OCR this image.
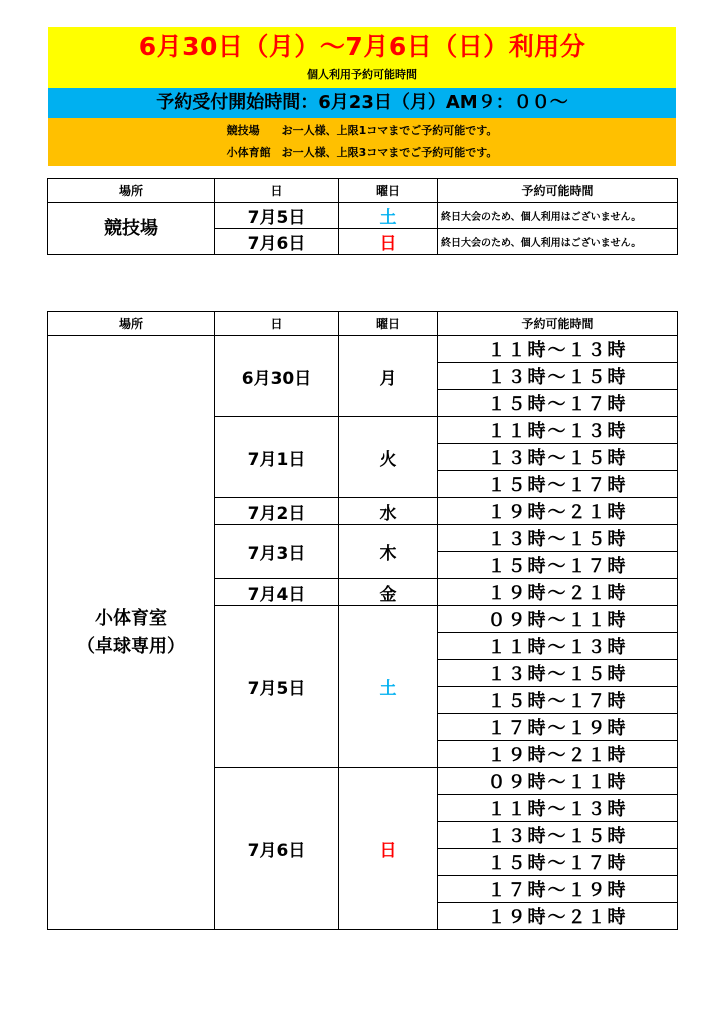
6月30日（月）～7月6日（日）利用分
個人利用予約可能時間
予約受付開始時間：6月23日（月）AM９：００～
競技場　　お一人様、上限1コマまでご予約可能です。
小体育館　お一人様、上限3コマまでご予約可能です。
場所	日	曜日	予約可能時間
競技場	7月5日	土	終日大会のため、個人利用はございません。
	7月6日	日	終日大会のため、個人利用はございません。
場所	日	曜日	予約可能時間

小体育室
（卓球専用）	6月30日	月	１１時～１３時
			１３時～１５時
			１５時～１７時
	7月1日	火	１１時～１３時
			１３時～１５時
			１５時～１７時
	7月2日	水	１９時～２１時
	7月3日	木	１３時～１５時
			１５時～１７時
	7月4日	金	１９時～２１時
	7月5日	土	０９時～１１時
			１１時～１３時
			１３時～１５時
			１５時～１７時
			１７時～１９時
			１９時～２１時
	7月6日	日	０９時～１１時
			１１時～１３時
			１３時～１５時
			１５時～１７時
			１７時～１９時
			１９時～２１時
